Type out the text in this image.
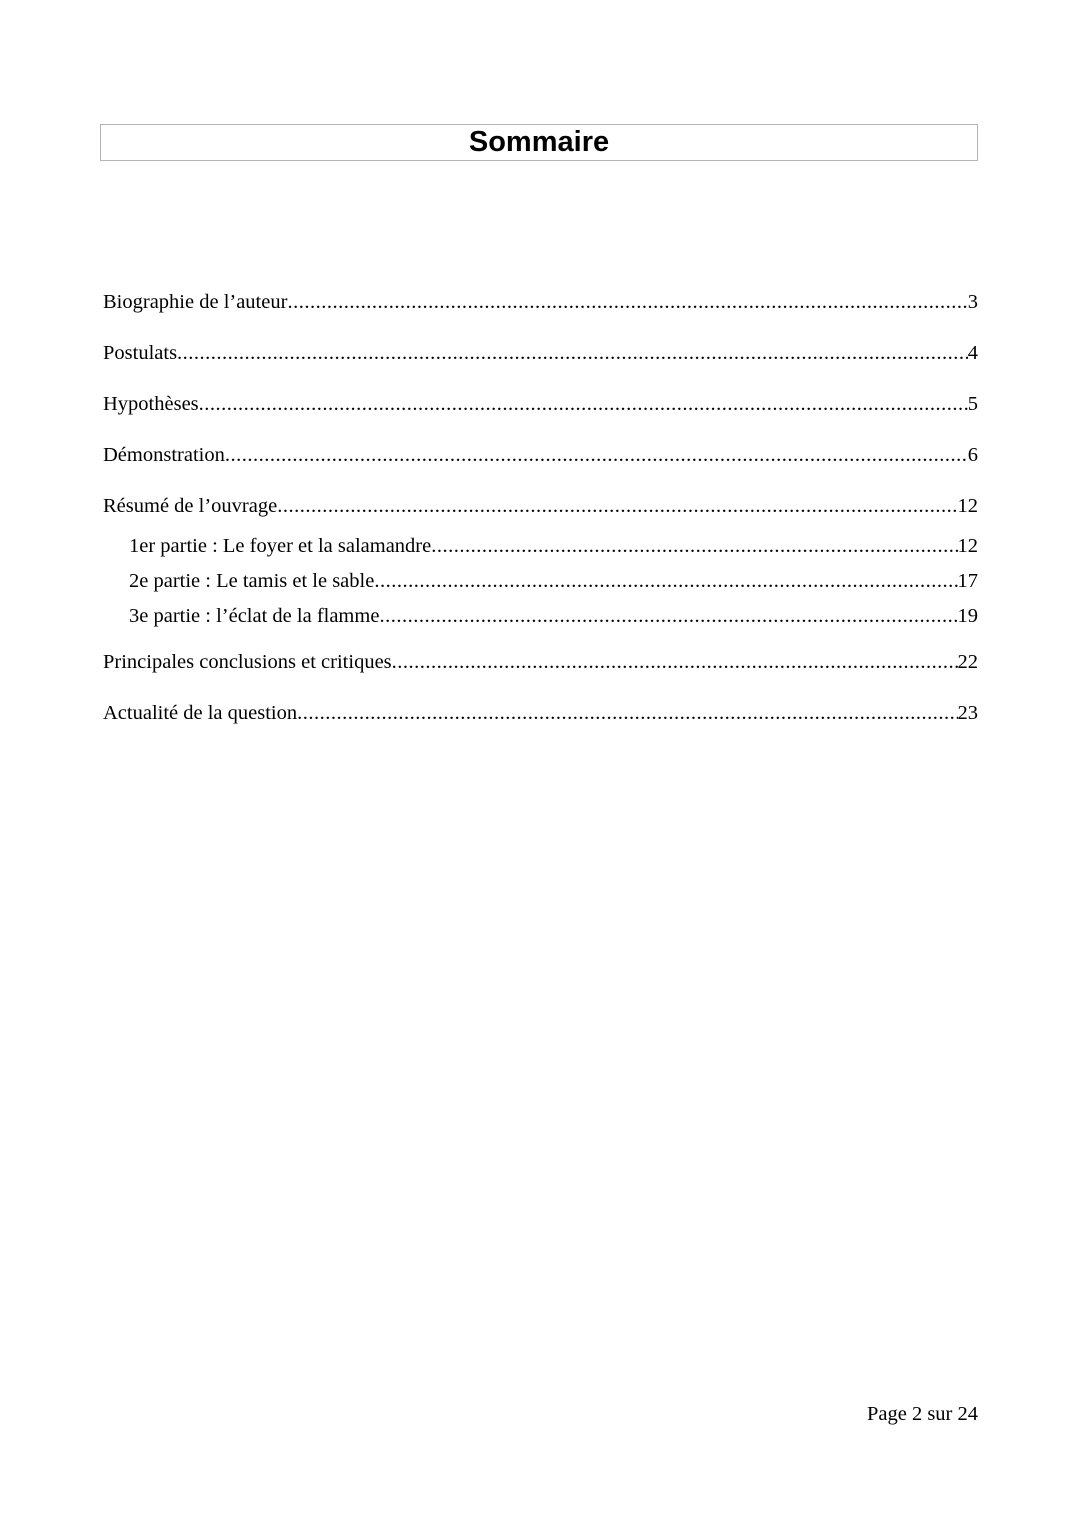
Sommaire
Biographie de l’auteur .....	3
Postulats .....	4
Hypothèses .....	5
Démonstration .....	6
Résumé de l’ouvrage .....	12
1er partie : Le foyer et la salamandre .....	12
2e partie : Le tamis et le sable .....	17
3e partie : l’éclat de la flamme .....	19
Principales conclusions et critiques .....	22
Actualité de la question .....	23
Page 2 sur 24
